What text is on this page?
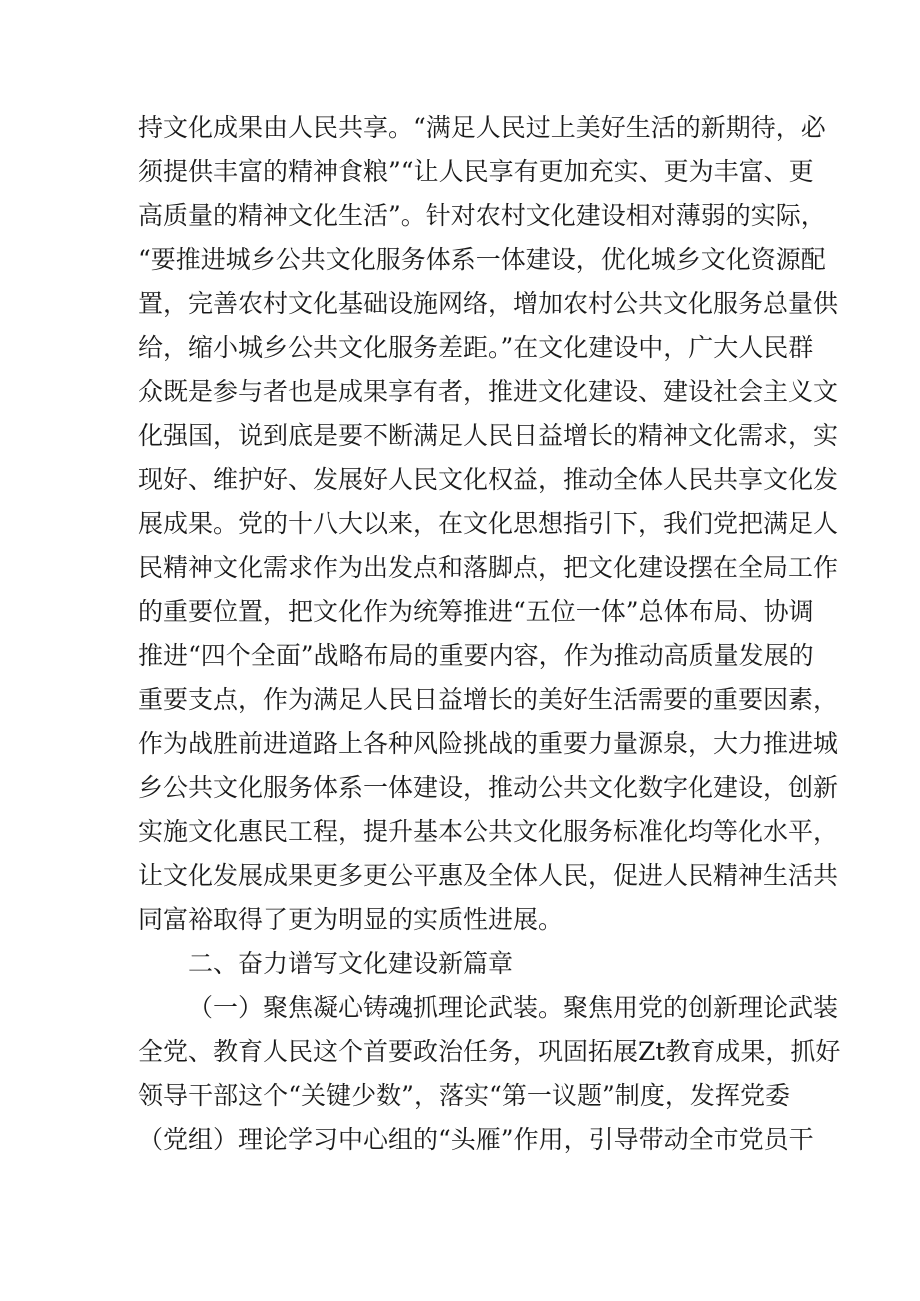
持文化成果由人民共享。“满足人民过上美好生活的新期待，必
须提供丰富的精神食粮”“让人民享有更加充实、更为丰富、更
高质量的精神文化生活”。针对农村文化建设相对薄弱的实际，
“要推进城乡公共文化服务体系一体建设，优化城乡文化资源配
置，完善农村文化基础设施网络，增加农村公共文化服务总量供
给，缩小城乡公共文化服务差距。”在文化建设中，广大人民群
众既是参与者也是成果享有者，推进文化建设、建设社会主义文
化强国，说到底是要不断满足人民日益增长的精神文化需求，实
现好、维护好、发展好人民文化权益，推动全体人民共享文化发
展成果。党的十八大以来，在文化思想指引下，我们党把满足人
民精神文化需求作为出发点和落脚点，把文化建设摆在全局工作
的重要位置，把文化作为统筹推进“五位一体”总体布局、协调
推进“四个全面”战略布局的重要内容，作为推动高质量发展的
重要支点，作为满足人民日益增长的美好生活需要的重要因素，
作为战胜前进道路上各种风险挑战的重要力量源泉，大力推进城
乡公共文化服务体系一体建设，推动公共文化数字化建设，创新
实施文化惠民工程，提升基本公共文化服务标准化均等化水平，
让文化发展成果更多更公平惠及全体人民，促进人民精神生活共
同富裕取得了更为明显的实质性进展。
二、奋力谱写文化建设新篇章
（一）聚焦凝心铸魂抓理论武装。聚焦用党的创新理论武装
全党、教育人民这个首要政治任务，巩固拓展Zt教育成果，抓好
领导干部这个“关键少数”，落实“第一议题”制度，发挥党委
（党组）理论学习中心组的“头雁”作用，引导带动全市党员干
